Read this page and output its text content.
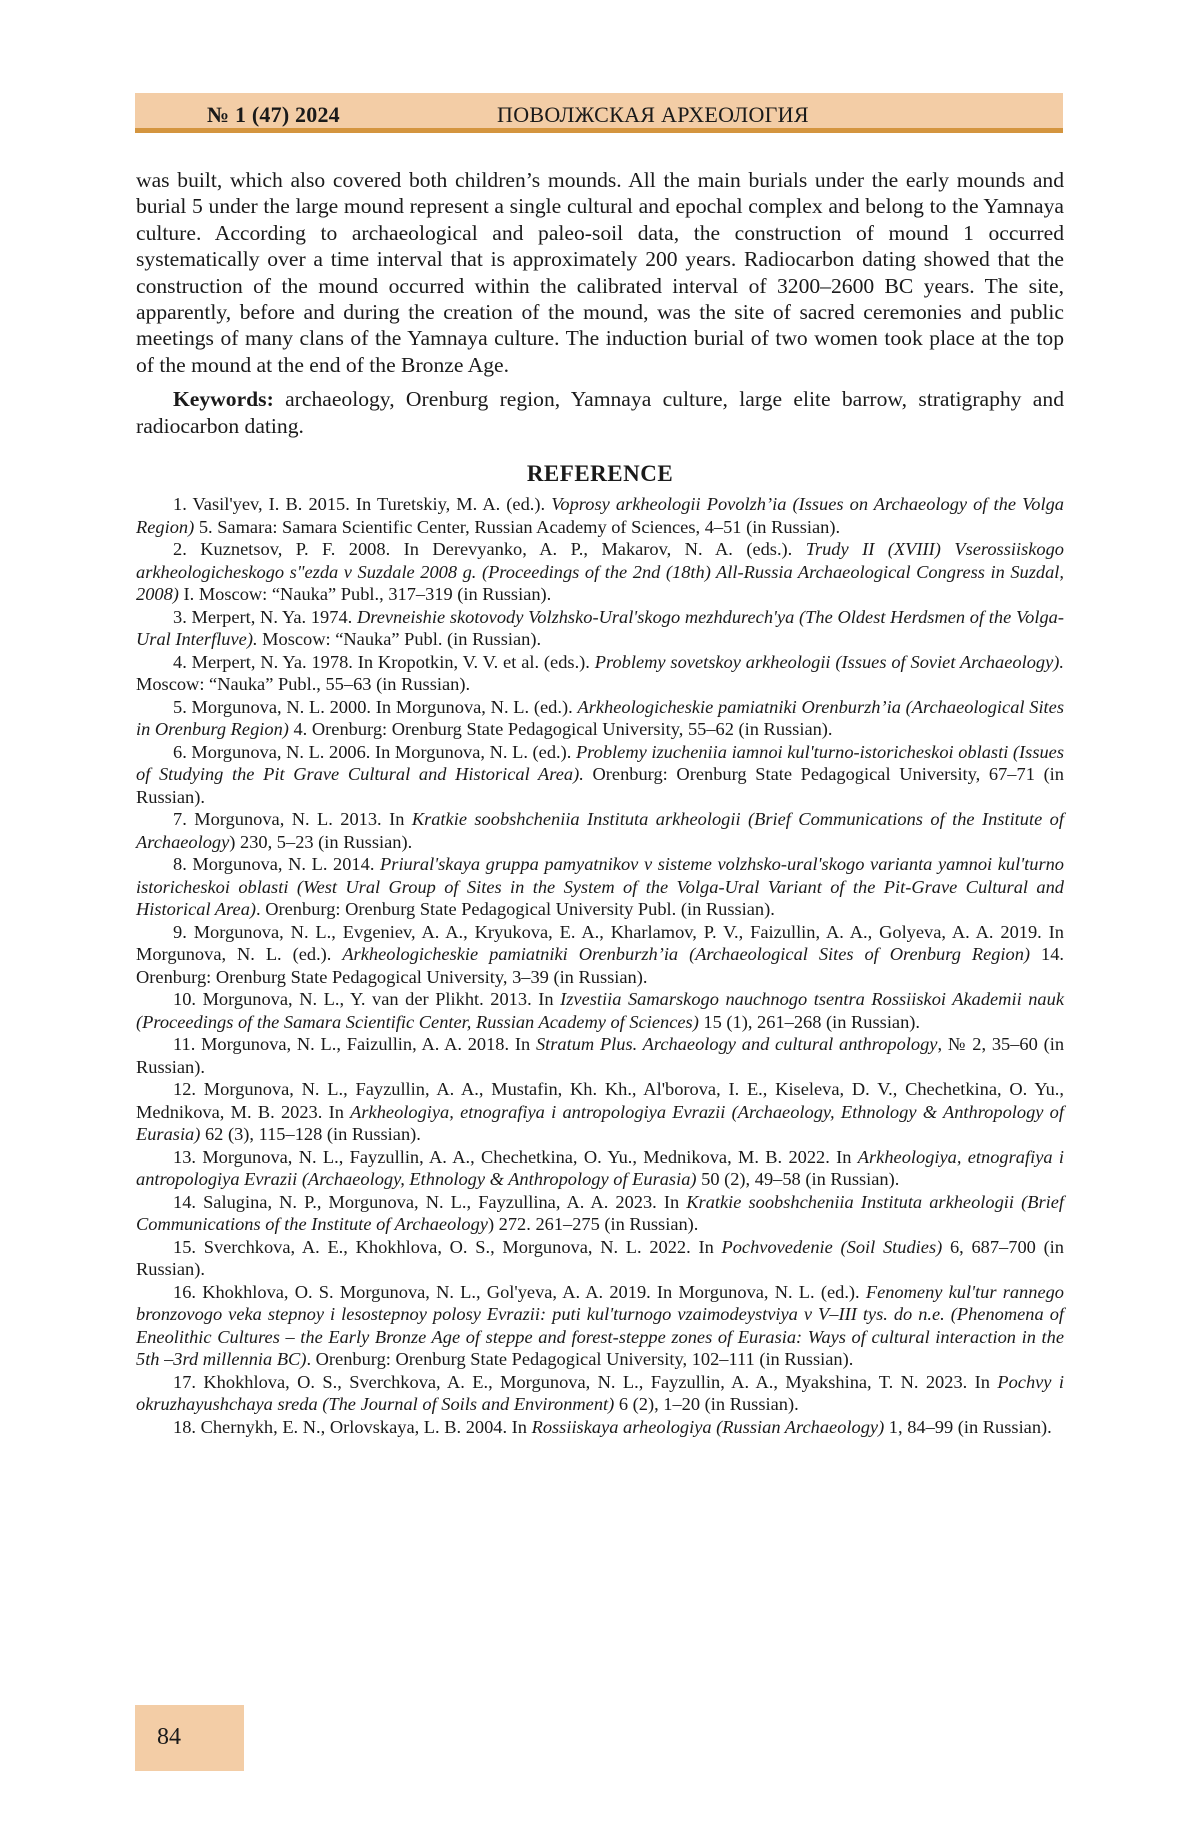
№ 1 (47) 2024	ПОВОЛЖСКАЯ АРХЕОЛОГИЯ

was built, which also covered both children’s mounds. All the main burials under the early mounds and burial 5 under the large mound represent a single cultural and epochal complex and belong to the Yamnaya culture. According to archaeological and paleo-soil data, the construction of mound 1 occurred systematically over a time interval that is approximately 200 years. Radiocarbon dating showed that the construction of the mound occurred within the calibrated interval of 3200–2600 BC years. The site, apparently, before and during the creation of the mound, was the site of sacred ceremonies and public meetings of many clans of the Yamnaya culture. The induction burial of two women took place at the top of the mound at the end of the Bronze Age.

Keywords: archaeology, Orenburg region, Yamnaya culture, large elite barrow, stratigraphy and radiocarbon dating.

REFERENCE

1. Vasil'yev, I. B. 2015. In Turetskiy, M. A. (ed.). Voprosy arkheologii Povolzh’ia (Issues on Archaeology of the Volga Region) 5. Samara: Samara Scientific Center, Russian Academy of Sciences, 4–51 (in Russian).

2. Kuznetsov, P. F. 2008. In Derevyanko, A. P., Makarov, N. A. (eds.). Trudy II (XVIII) Vserossiiskogo arkheologicheskogo s"ezda v Suzdale 2008 g. (Proceedings of the 2nd (18th) All-Russia Archaeological Congress in Suzdal, 2008) I. Moscow: “Nauka” Publ., 317–319 (in Russian).

3. Merpert, N. Ya. 1974. Drevneishie skotovody Volzhsko-Ural'skogo mezhdurech'ya (The Oldest Herdsmen of the Volga-Ural Interfluve). Moscow: “Nauka” Publ. (in Russian).

4. Merpert, N. Ya. 1978. In Kropotkin, V. V. et al. (eds.). Problemy sovetskoy arkheologii (Issues of Soviet Archaeology). Moscow: “Nauka” Publ., 55–63 (in Russian).

5. Morgunova, N. L. 2000. In Morgunova, N. L. (ed.). Arkheologicheskie pamiatniki Orenburzh’ia (Archaeological Sites in Orenburg Region) 4. Orenburg: Orenburg State Pedagogical University, 55–62 (in Russian).

6. Morgunova, N. L. 2006. In Morgunova, N. L. (ed.). Problemy izucheniia iamnoi kul'turno-istoricheskoi oblasti (Issues of Studying the Pit Grave Cultural and Historical Area). Orenburg: Orenburg State Pedagogical University, 67–71 (in Russian).

7. Morgunova, N. L. 2013. In Kratkie soobshcheniia Instituta arkheologii (Brief Communications of the Institute of Archaeology) 230, 5–23 (in Russian).

8. Morgunova, N. L. 2014. Priural'skaya gruppa pamyatnikov v sisteme volzhsko-ural'skogo varianta yamnoi kul'turno istoricheskoi oblasti (West Ural Group of Sites in the System of the Volga-Ural Variant of the Pit-Grave Cultural and Historical Area). Orenburg: Orenburg State Pedagogical University Publ. (in Russian).

9. Morgunova, N. L., Evgeniev, A. A., Kryukova, E. A., Kharlamov, P. V., Faizullin, A. A., Golyeva, A. A. 2019. In Morgunova, N. L. (ed.). Arkheologicheskie pamiatniki Orenburzh’ia (Archaeological Sites of Orenburg Region) 14. Orenburg: Orenburg State Pedagogical University, 3–39 (in Russian).

10. Morgunova, N. L., Y. van der Plikht. 2013. In Izvestiia Samarskogo nauchnogo tsentra Rossiiskoi Akademii nauk (Proceedings of the Samara Scientific Center, Russian Academy of Sciences) 15 (1), 261–268 (in Russian).

11. Morgunova, N. L., Faizullin, A. A. 2018. In Stratum Plus. Archaeology and cultural anthropology, № 2, 35–60 (in Russian).

12. Morgunova, N. L., Fayzullin, A. A., Mustafin, Kh. Kh., Al'borova, I. E., Kiseleva, D. V., Chechetkina, O. Yu., Mednikova, M. B. 2023. In Arkheologiya, etnografiya i antropologiya Evrazii (Archaeology, Ethnology & Anthropology of Eurasia) 62 (3), 115–128 (in Russian).

13. Morgunova, N. L., Fayzullin, A. A., Chechetkina, O. Yu., Mednikova, M. B. 2022. In Arkheologiya, etnografiya i antropologiya Evrazii (Archaeology, Ethnology & Anthropology of Eurasia) 50 (2), 49–58 (in Russian).

14. Salugina, N. P., Morgunova, N. L., Fayzullina, A. A. 2023. In Kratkie soobshcheniia Instituta arkheologii (Brief Communications of the Institute of Archaeology) 272. 261–275 (in Russian).

15. Sverchkova, A. E., Khokhlova, O. S., Morgunova, N. L. 2022. In Pochvovedenie (Soil Studies) 6, 687–700 (in Russian).

16. Khokhlova, O. S. Morgunova, N. L., Gol'yeva, A. A. 2019. In Morgunova, N. L. (ed.). Fenomeny kul'tur rannego bronzovogo veka stepnoy i lesostepnoy polosy Evrazii: puti kul'turnogo vzaimodeystviya v V–III tys. do n.e. (Phenomena of Eneolithic Cultures – the Early Bronze Age of steppe and forest-steppe zones of Eurasia: Ways of cultural interaction in the 5th –3rd millennia BC). Orenburg: Orenburg State Pedagogical University, 102–111 (in Russian).

17. Khokhlova, O. S., Sverchkova, A. E., Morgunova, N. L., Fayzullin, A. A., Myakshina, T. N. 2023. In Pochvy i okruzhayushchaya sreda (The Journal of Soils and Environment) 6 (2), 1–20 (in Russian).

18. Chernykh, E. N., Orlovskaya, L. B. 2004. In Rossiiskaya arheologiya (Russian Archaeology) 1, 84–99 (in Russian).

84
